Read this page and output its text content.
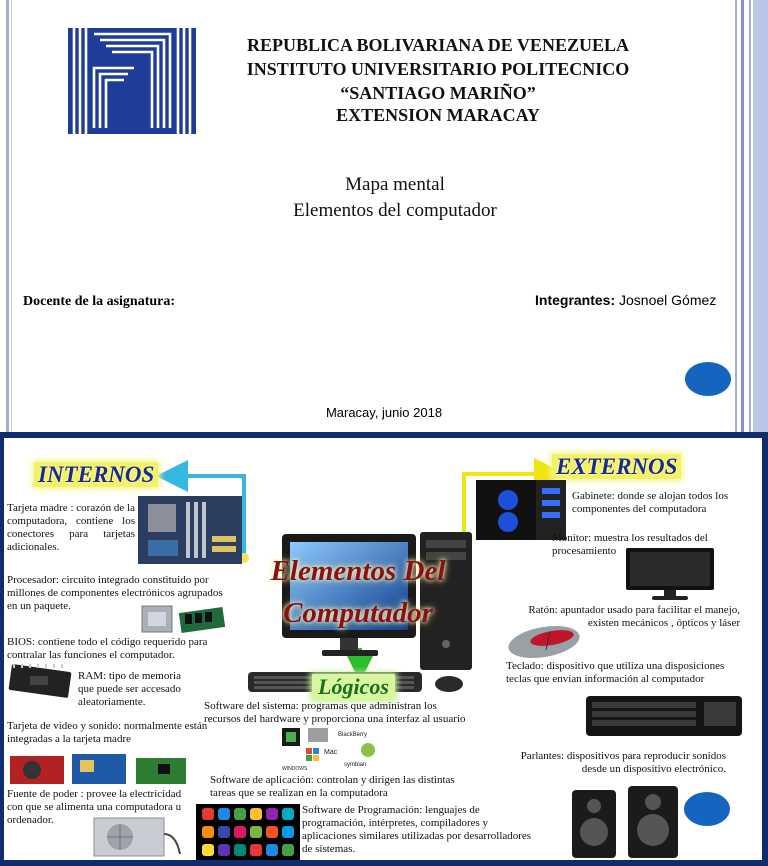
REPUBLICA BOLIVARIANA DE VENEZUELA
INSTITUTO UNIVERSITARIO POLITECNICO
“SANTIAGO MARIÑO”
EXTENSION MARACAY
Mapa mental
Elementos del computador
Docente de la asignatura:	Integrantes: Josnoel Gómez
Maracay, junio 2018
Elementos Del
Computador
INTERNOS
Tarjeta madre : corazón de la computadora, contiene los conectores para tarjetas adicionales.
Procesador: circuito integrado constituido por millones de componentes electrónicos agrupados en un paquete.
BIOS: contiene todo el código requerido para contralar las funciones el computador.
RAM: tipo de memoria que puede ser accesado aleatoriamente.
Tarjeta de video y sonido: normalmente están integradas a la tarjeta madre
Fuente de poder : provee la electricidad con que se alimenta una computadora u ordenador.
EXTERNOS
Gabinete: donde se alojan todos los componentes del computadora
Monitor: muestra los resultados del procesamiento
Ratón: apuntador usado para facilitar el manejo, existen mecánicos , ópticos y láser
Teclado: dispositivo que utiliza una disposiciones teclas que envían información al computador
Parlantes: dispositivos para reproducir sonidos desde un dispositivo electrónico.
Lógicos
Software del sistema: programas que administran los recursos del hardware y proporciona una interfaz al usuario
BlackBerry
Mac
symbian
WINDOWS
Software de aplicación: controlan y dirigen las distintas tareas que se realizan en la computadora
Software de Programación: lenguajes de programación, intérpretes, compiladores y aplicaciones similares utilizadas por desarrolladores de sistemas.
